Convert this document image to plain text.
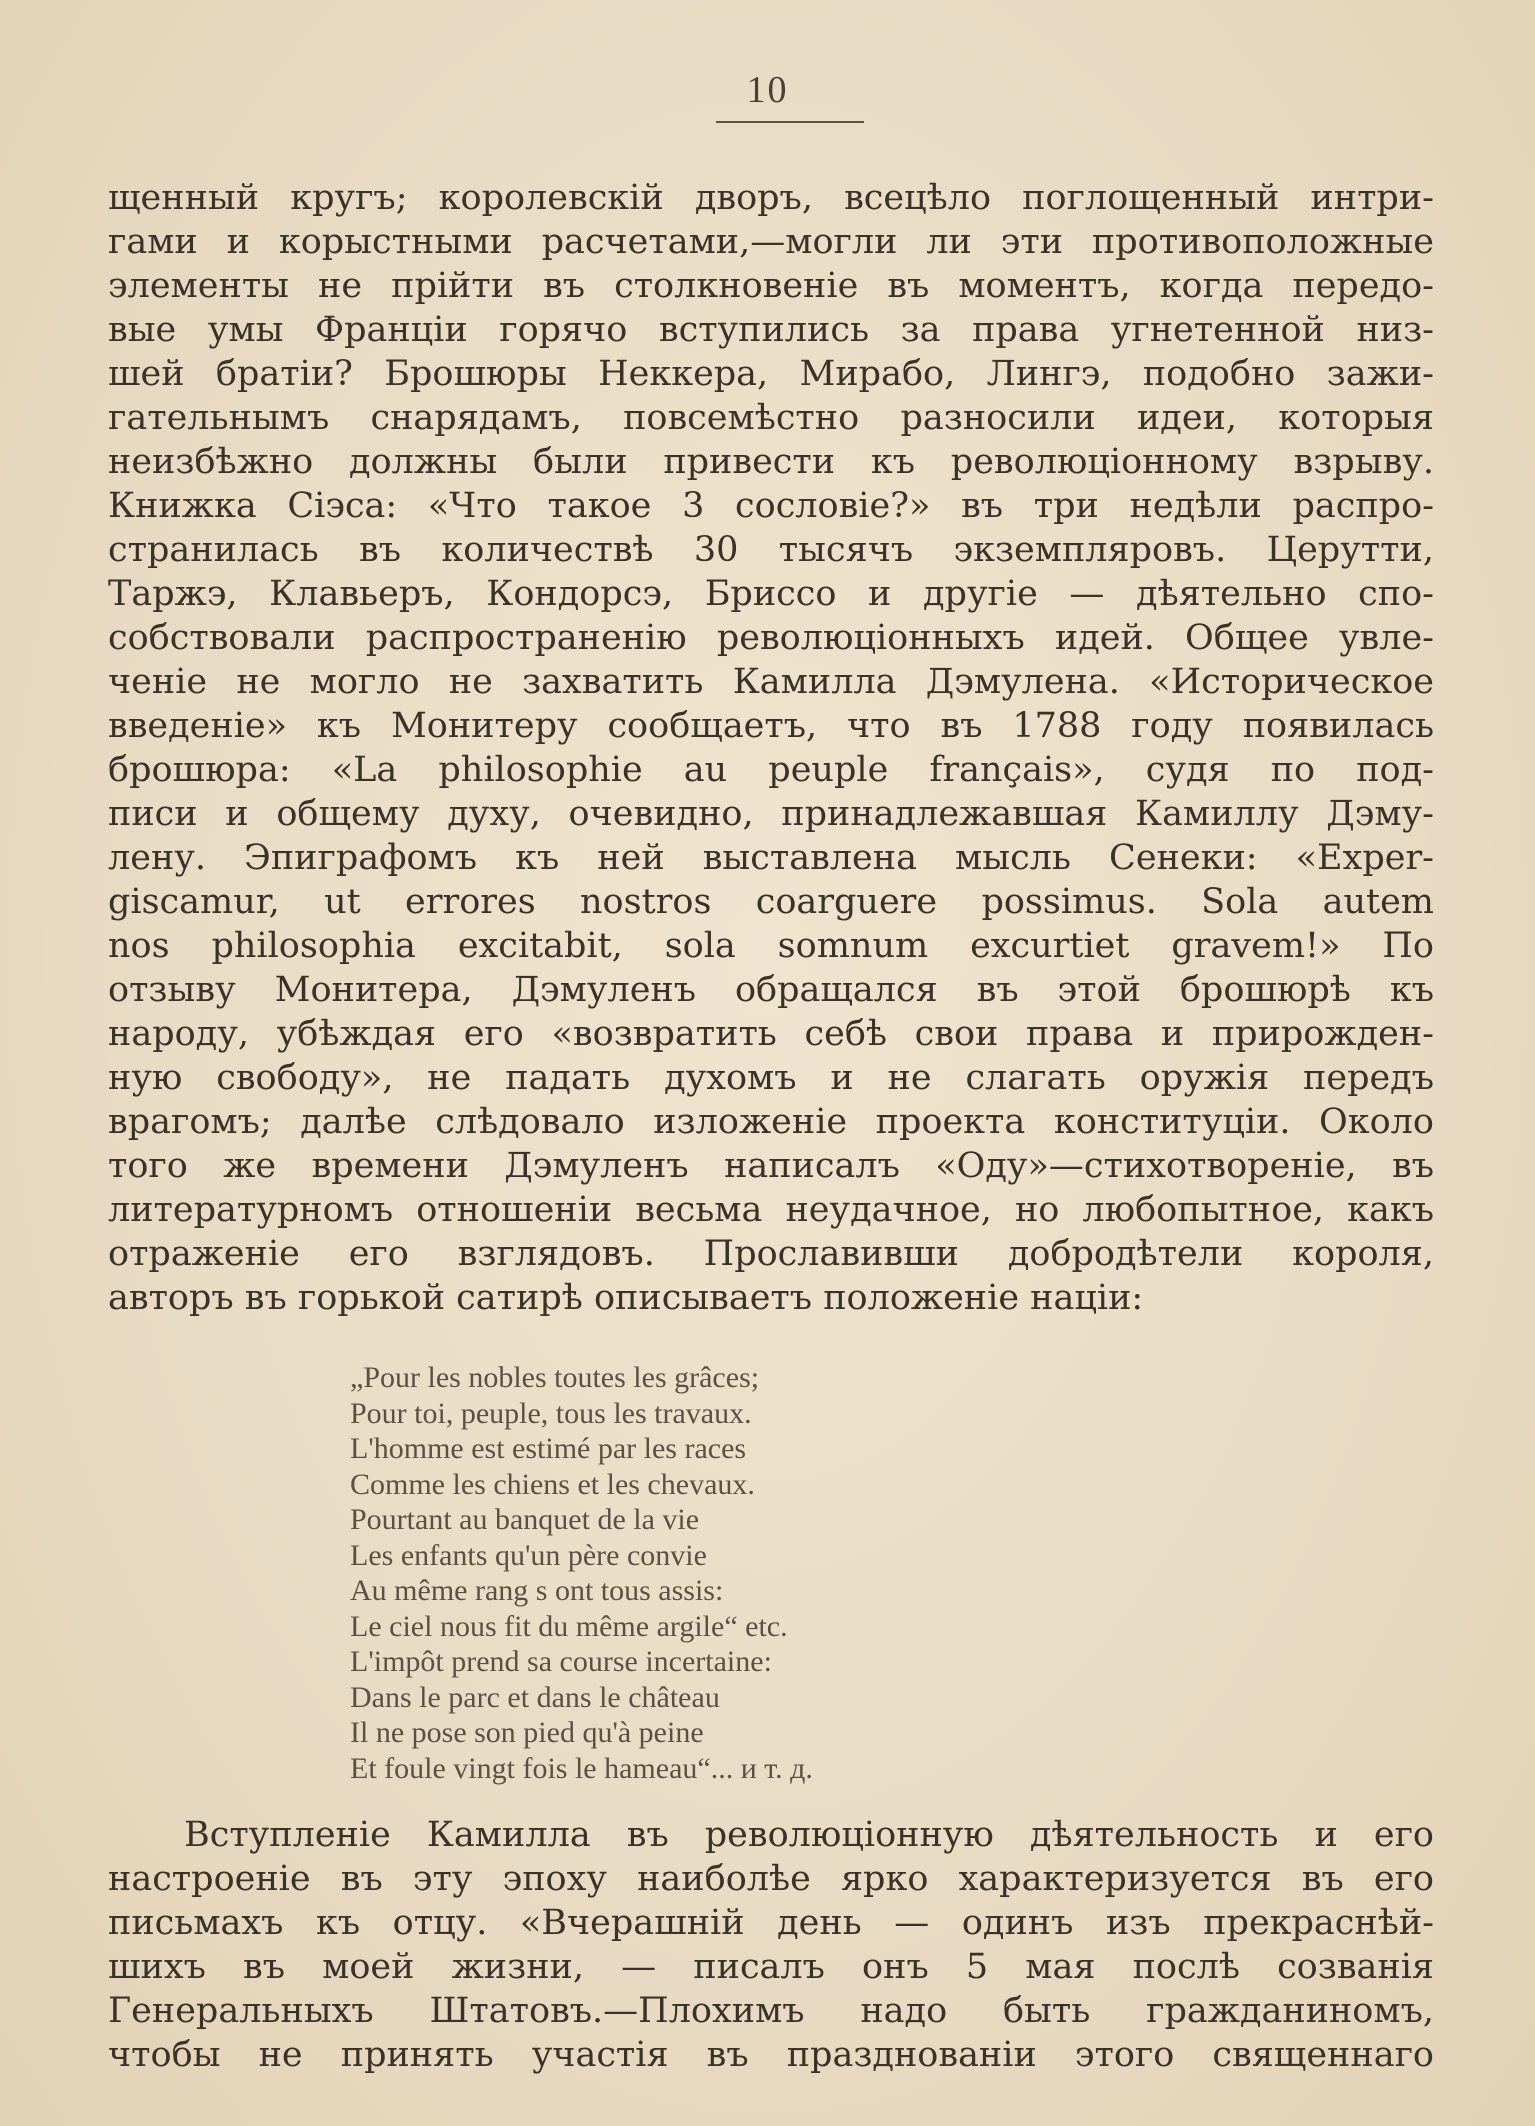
10
щенный кругъ; королевскій дворъ, всецѣло поглощенный интри-
гами и корыстными расчетами,—могли ли эти противоположные
элементы не прійти въ столкновеніе въ моментъ, когда передо-
вые умы Франціи горячо вступились за права угнетенной низ-
шей братіи? Брошюры Неккера, Мирабо, Лингэ, подобно зажи-
гательнымъ снарядамъ, повсемѣстно разносили идеи, которыя
неизбѣжно должны были привести къ революціонному взрыву.
Книжка Сіэса: «Что такое 3 сословіе?» въ три недѣли распро-
странилась въ количествѣ 30 тысячъ экземпляровъ. Церутти,
Таржэ, Клавьеръ, Кондорсэ, Бриссо и другіе — дѣятельно спо-
собствовали распространенію революціонныхъ идей. Общее увле-
ченіе не могло не захватить Камилла Дэмулена. «Историческое
введеніе» къ Монитеру сообщаетъ, что въ 1788 году появилась
брошюра: «La philosophie au peuple français», судя по под-
писи и общему духу, очевидно, принадлежавшая Камиллу Дэму-
лену. Эпиграфомъ къ ней выставлена мысль Сенеки: «Exper-
giscamur, ut errores nostros coarguere possimus. Sola autem
nos philosophia excitabit, sola somnum excurtiet gravem!» По
отзыву Монитера, Дэмуленъ обращался въ этой брошюрѣ къ
народу, убѣждая его «возвратить себѣ свои права и прирожден-
ную свободу», не падать духомъ и не слагать оружія передъ
врагомъ; далѣе слѣдовало изложеніе проекта конституціи. Около
того же времени Дэмуленъ написалъ «Оду»—стихотвореніе, въ
литературномъ отношеніи весьма неудачное, но любопытное, какъ
отраженіе его взглядовъ. Прославивши добродѣтели короля,
авторъ въ горькой сатирѣ описываетъ положеніе націи:
„Pour les nobles toutes les grâces;
Pour toi, peuple, tous les travaux.
L'homme est estimé par les races
Comme les chiens et les chevaux.
Pourtant au banquet de la vie
Les enfants qu'un père convie
Au même rang s ont tous assis:
Le ciel nous fit du même argile“ etc.
L'impôt prend sa course incertaine:
Dans le parc et dans le château
Il ne pose son pied qu'à peine
Et foule vingt fois le hameau“... и т. д.
Вступленіе Камилла въ революціонную дѣятельность и его
настроеніе въ эту эпоху наиболѣе ярко характеризуется въ его
письмахъ къ отцу. «Вчерашній день — одинъ изъ прекраснѣй-
шихъ въ моей жизни, — писалъ онъ 5 мая послѣ созванія
Генеральныхъ Штатовъ.—Плохимъ надо быть гражданиномъ,
чтобы не принять участія въ празднованіи этого священнаго
